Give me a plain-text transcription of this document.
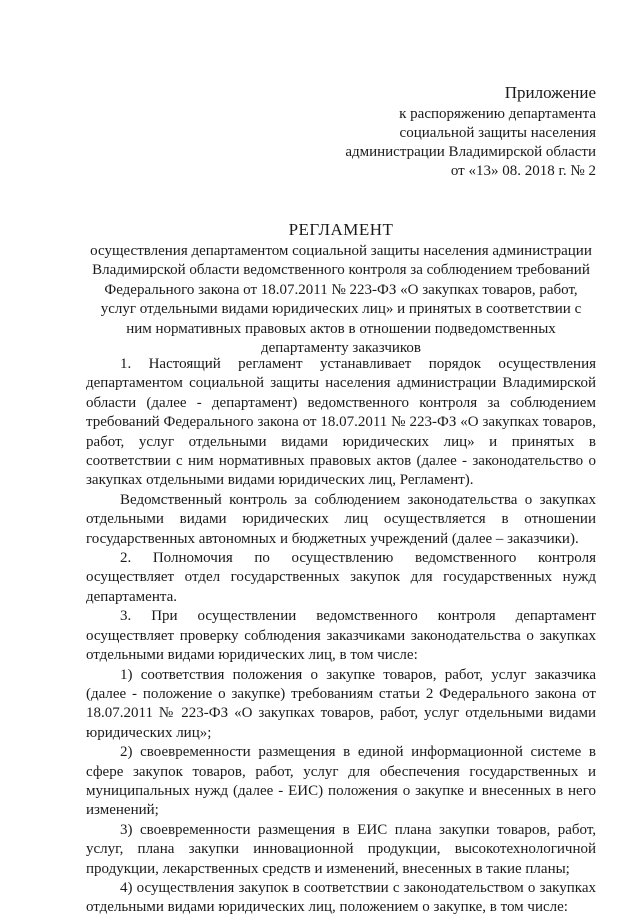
Приложение
к распоряжению департамента
социальной защиты населения
администрации Владимирской области
от «13» 08. 2018 г. № 2
РЕГЛАМЕНТ
осуществления департаментом социальной защиты населения администрации Владимирской области ведомственного контроля за соблюдением требований Федерального закона от 18.07.2011 № 223-ФЗ «О закупках товаров, работ, услуг отдельными видами юридических лиц» и принятых в соответствии с ним нормативных правовых актов в отношении подведомственных департаменту заказчиков

1. Настоящий регламент устанавливает порядок осуществления департаментом социальной защиты населения администрации Владимирской области (далее - департамент) ведомственного контроля за соблюдением требований Федерального закона от 18.07.2011 № 223-ФЗ «О закупках товаров, работ, услуг отдельными видами юридических лиц» и принятых в соответствии с ним нормативных правовых актов (далее - законодательство о закупках отдельными видами юридических лиц, Регламент).

Ведомственный контроль за соблюдением законодательства о закупках отдельными видами юридических лиц осуществляется в отношении государственных автономных и бюджетных учреждений (далее – заказчики).

2. Полномочия по осуществлению ведомственного контроля осуществляет отдел государственных закупок для государственных нужд департамента.

3. При осуществлении ведомственного контроля департамент осуществляет проверку соблюдения заказчиками законодательства о закупках отдельными видами юридических лиц, в том числе:

1) соответствия положения о закупке товаров, работ, услуг заказчика (далее - положение о закупке) требованиям статьи 2 Федерального закона от 18.07.2011 № 223-ФЗ «О закупках товаров, работ, услуг отдельными видами юридических лиц»;

2) своевременности размещения в единой информационной системе в сфере закупок товаров, работ, услуг для обеспечения государственных и муниципальных нужд (далее - ЕИС) положения о закупке и внесенных в него изменений;

3) своевременности размещения в ЕИС плана закупки товаров, работ, услуг, плана закупки инновационной продукции, высокотехнологичной продукции, лекарственных средств и изменений, внесенных в такие планы;

4) осуществления закупок в соответствии с законодательством о закупках отдельными видами юридических лиц, положением о закупке, в том числе:
